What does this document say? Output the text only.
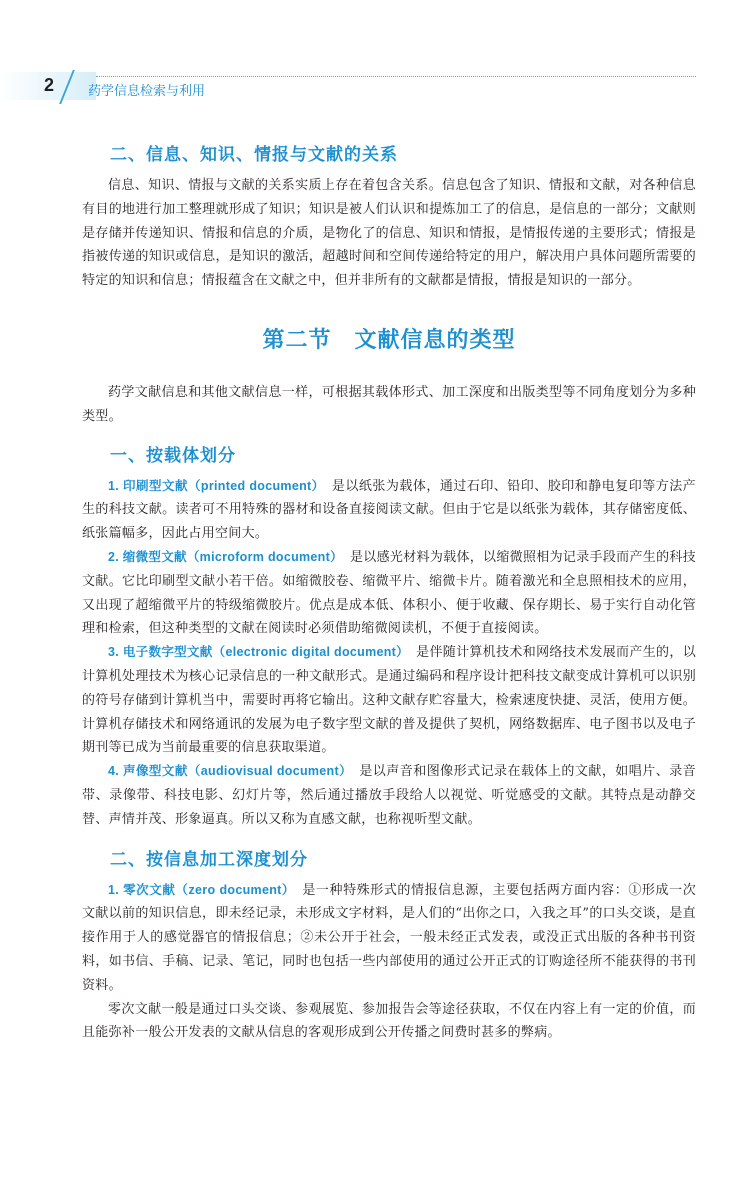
2	药学信息检索与利用
二、信息、知识、情报与文献的关系

信息、知识、情报与文献的关系实质上存在着包含关系。信息包含了知识、情报和文献，对各种信息有目的地进行加工整理就形成了知识；知识是被人们认识和提炼加工了的信息，是信息的一部分；文献则是存储并传递知识、情报和信息的介质，是物化了的信息、知识和情报，是情报传递的主要形式；情报是指被传递的知识或信息，是知识的激活，超越时间和空间传递给特定的用户，解决用户具体问题所需要的特定的知识和信息；情报蕴含在文献之中，但并非所有的文献都是情报，情报是知识的一部分。

第二节　文献信息的类型

药学文献信息和其他文献信息一样，可根据其载体形式、加工深度和出版类型等不同角度划分为多种类型。

一、按载体划分

1. 印刷型文献（printed document）　 是以纸张为载体，通过石印、铅印、胶印和静电复印等方法产生的科技文献。读者可不用特殊的器材和设备直接阅读文献。但由于它是以纸张为载体，其存储密度低、纸张篇幅多，因此占用空间大。

2. 缩微型文献（microform document）　 是以感光材料为载体，以缩微照相为记录手段而产生的科技文献。它比印刷型文献小若干倍。如缩微胶卷、缩微平片、缩微卡片。随着激光和全息照相技术的应用，又出现了超缩微平片的特级缩微胶片。优点是成本低、体积小、便于收藏、保存期长、易于实行自动化管理和检索，但这种类型的文献在阅读时必须借助缩微阅读机，不便于直接阅读。

3. 电子数字型文献（electronic digital document）　 是伴随计算机技术和网络技术发展而产生的，以计算机处理技术为核心记录信息的一种文献形式。是通过编码和程序设计把科技文献变成计算机可以识别的符号存储到计算机当中，需要时再将它输出。这种文献存贮容量大，检索速度快捷、灵活，使用方便。计算机存储技术和网络通讯的发展为电子数字型文献的普及提供了契机，网络数据库、电子图书以及电子期刊等已成为当前最重要的信息获取渠道。

4. 声像型文献（audiovisual document）　 是以声音和图像形式记录在载体上的文献，如唱片、录音带、录像带、科技电影、幻灯片等，然后通过播放手段给人以视觉、听觉感受的文献。其特点是动静交替、声情并茂、形象逼真。所以又称为直感文献，也称视听型文献。

二、按信息加工深度划分

1. 零次文献（zero document）　 是一种特殊形式的情报信息源，主要包括两方面内容：①形成一次文献以前的知识信息，即未经记录，未形成文字材料，是人们的“出你之口，入我之耳”的口头交谈，是直接作用于人的感觉器官的情报信息；②未公开于社会，一般未经正式发表，或没正式出版的各种书刊资料，如书信、手稿、记录、笔记，同时也包括一些内部使用的通过公开正式的订购途径所不能获得的书刊资料。

零次文献一般是通过口头交谈、参观展览、参加报告会等途径获取，不仅在内容上有一定的价值，而且能弥补一般公开发表的文献从信息的客观形成到公开传播之间费时甚多的弊病。
